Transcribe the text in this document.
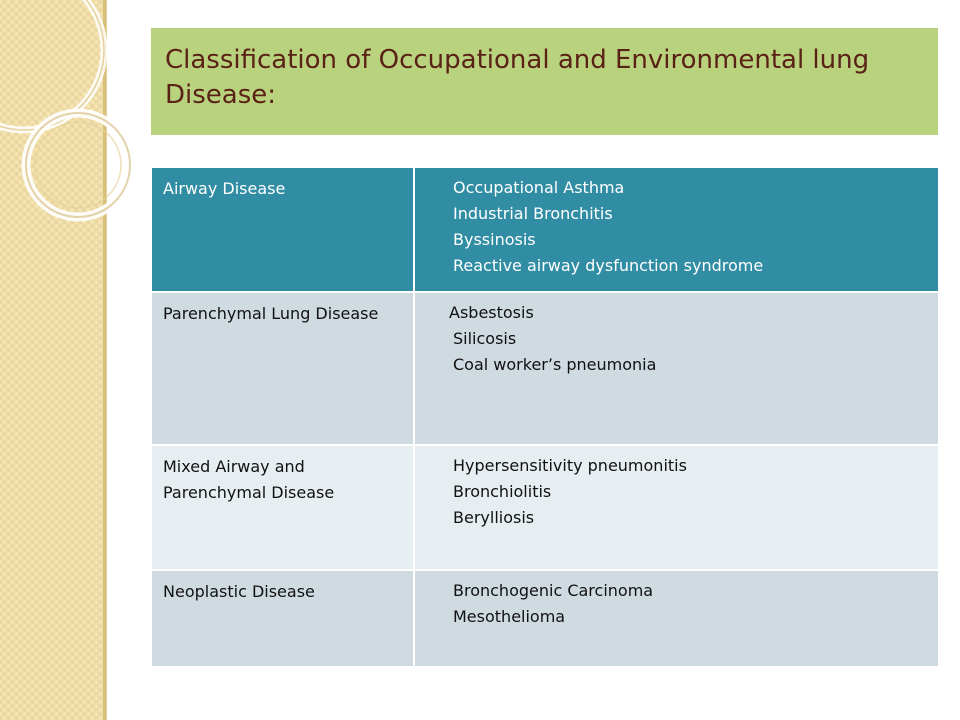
Classification of Occupational and Environmental lung Disease:
Airway Disease	Occupational Asthma
Industrial Bronchitis
Byssinosis
Reactive airway dysfunction syndrome

Parenchymal Lung Disease	Asbestosis
Silicosis
Coal worker’s pneumonia

Mixed Airway and Parenchymal Disease	Hypersensitivity pneumonitis
Bronchiolitis
Berylliosis

Neoplastic Disease	Bronchogenic Carcinoma
Mesothelioma
